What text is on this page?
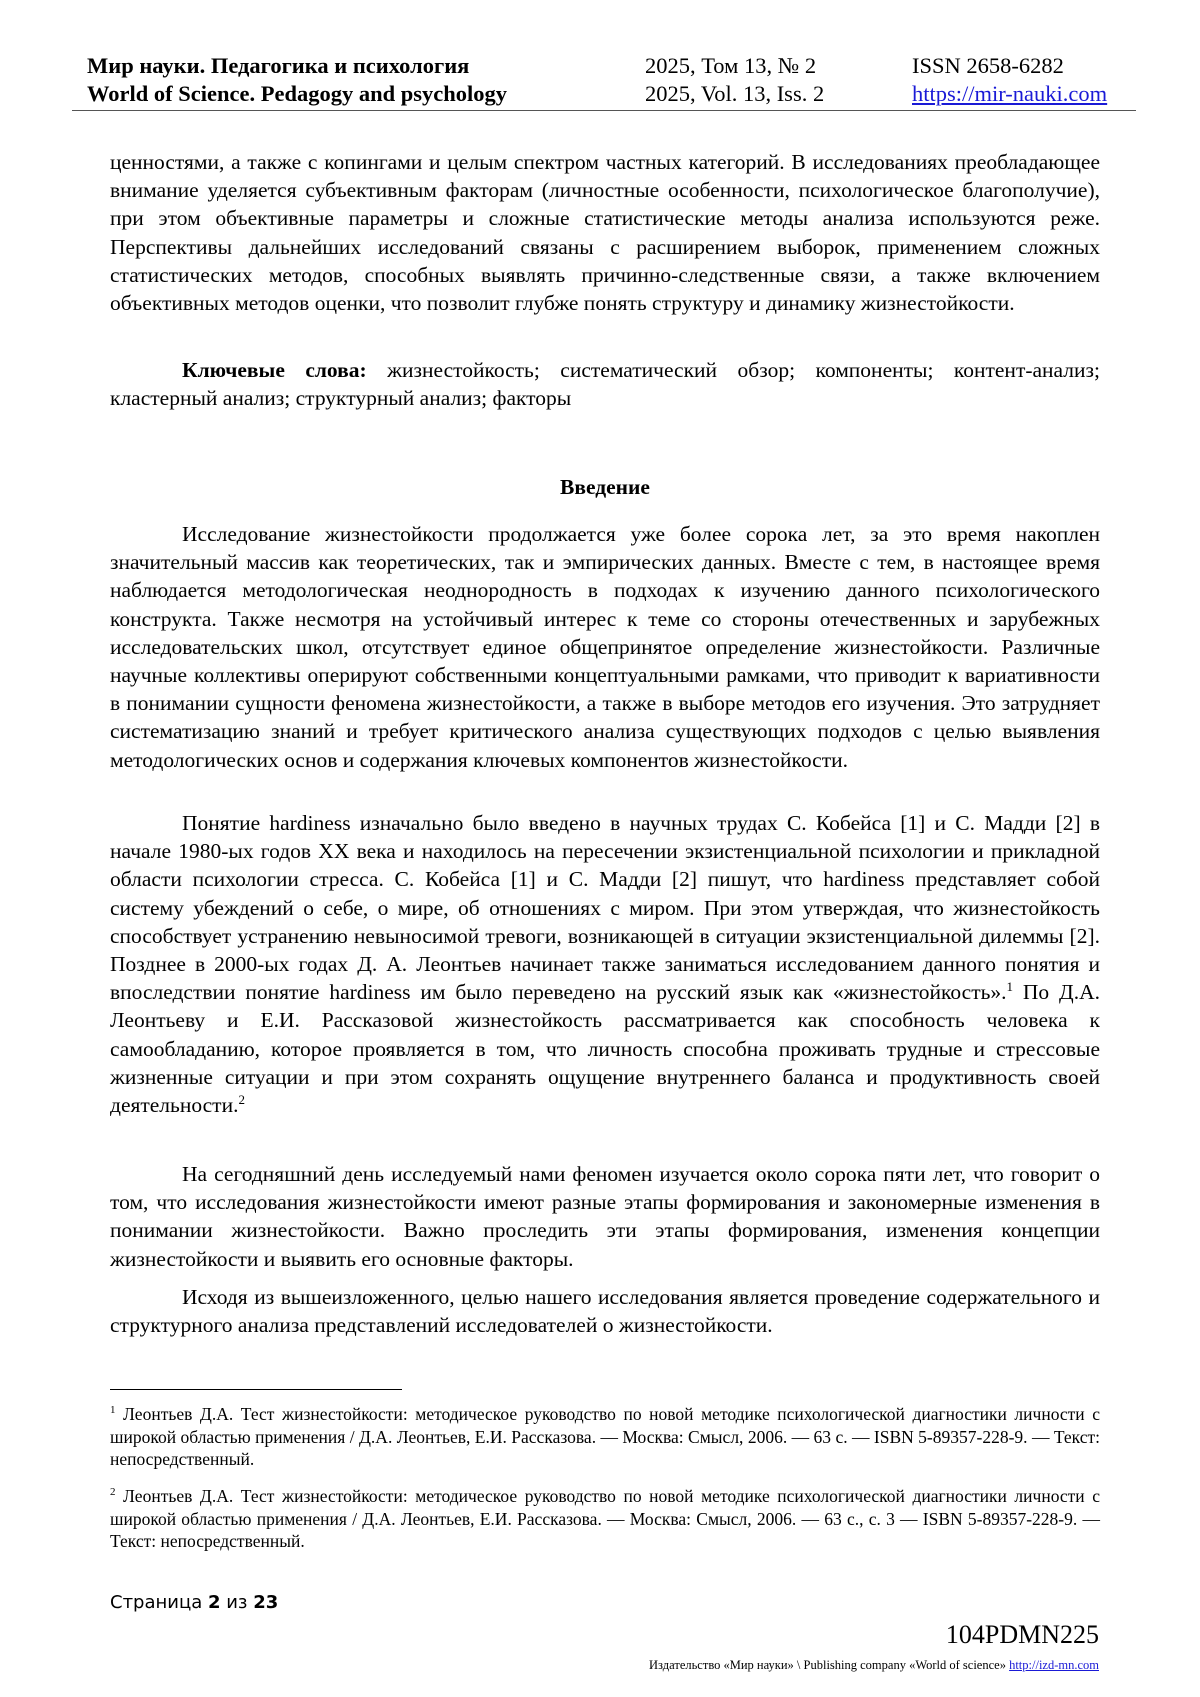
Мир науки. Педагогика и психология
World of Science. Pedagogy and psychology
2025, Том 13, № 2
2025, Vol. 13, Iss. 2
ISSN 2658-6282
https://mir-nauki.com

ценностями, а также с копингами и целым спектром частных категорий. В исследованиях преобладающее внимание уделяется субъективным факторам (личностные особенности, психологическое благополучие), при этом объективные параметры и сложные статистические методы анализа используются реже. Перспективы дальнейших исследований связаны с расширением выборок, применением сложных статистических методов, способных выявлять причинно-следственные связи, а также включением объективных методов оценки, что позволит глубже понять структуру и динамику жизнестойкости.

Ключевые слова: жизнестойкость; систематический обзор; компоненты; контент-анализ; кластерный анализ; структурный анализ; факторы

Введение

Исследование жизнестойкости продолжается уже более сорока лет, за это время накоплен значительный массив как теоретических, так и эмпирических данных. Вместе с тем, в настоящее время наблюдается методологическая неоднородность в подходах к изучению данного психологического конструкта. Также несмотря на устойчивый интерес к теме со стороны отечественных и зарубежных исследовательских школ, отсутствует единое общепринятое определение жизнестойкости. Различные научные коллективы оперируют собственными концептуальными рамками, что приводит к вариативности в понимании сущности феномена жизнестойкости, а также в выборе методов его изучения. Это затрудняет систематизацию знаний и требует критического анализа существующих подходов с целью выявления методологических основ и содержания ключевых компонентов жизнестойкости.

Понятие hardiness изначально было введено в научных трудах С. Кобейса [1] и С. Мадди [2] в начале 1980-ых годов XX века и находилось на пересечении экзистенциальной психологии и прикладной области психологии стресса. С. Кобейса [1] и С. Мадди [2] пишут, что hardiness представляет собой систему убеждений о себе, о мире, об отношениях с миром. При этом утверждая, что жизнестойкость способствует устранению невыносимой тревоги, возникающей в ситуации экзистенциальной дилеммы [2]. Позднее в 2000-ых годах Д. А. Леонтьев начинает также заниматься исследованием данного понятия и впоследствии понятие hardiness им было переведено на русский язык как «жизнестойкость».$^1$ По Д.А. Леонтьеву и Е.И. Рассказовой жизнестойкость рассматривается как способность человека к самообладанию, которое проявляется в том, что личность способна проживать трудные и стрессовые жизненные ситуации и при этом сохранять ощущение внутреннего баланса и продуктивность своей деятельности.$^2$

На сегодняшний день исследуемый нами феномен изучается около сорока пяти лет, что говорит о том, что исследования жизнестойкости имеют разные этапы формирования и закономерные изменения в понимании жизнестойкости. Важно проследить эти этапы формирования, изменения концепции жизнестойкости и выявить его основные факторы.

Исходя из вышеизложенного, целью нашего исследования является проведение содержательного и структурного анализа представлений исследователей о жизнестойкости.

$^1$ Леонтьев Д.А. Тест жизнестойкости: методическое руководство по новой методике психологической диагностики личности с широкой областью применения / Д.А. Леонтьев, Е.И. Рассказова. — Москва: Смысл, 2006. — 63 с. — ISBN 5-89357-228-9. — Текст: непосредственный.

$^2$ Леонтьев Д.А. Тест жизнестойкости: методическое руководство по новой методике психологической диагностики личности с широкой областью применения / Д.А. Леонтьев, Е.И. Рассказова. — Москва: Смысл, 2006. — 63 с., с. 3 — ISBN 5-89357-228-9. — Текст: непосредственный.

Страница 2 из 23
104PDMN225
Издательство «Мир науки» \ Publishing company «World of science» http://izd-mn.com
